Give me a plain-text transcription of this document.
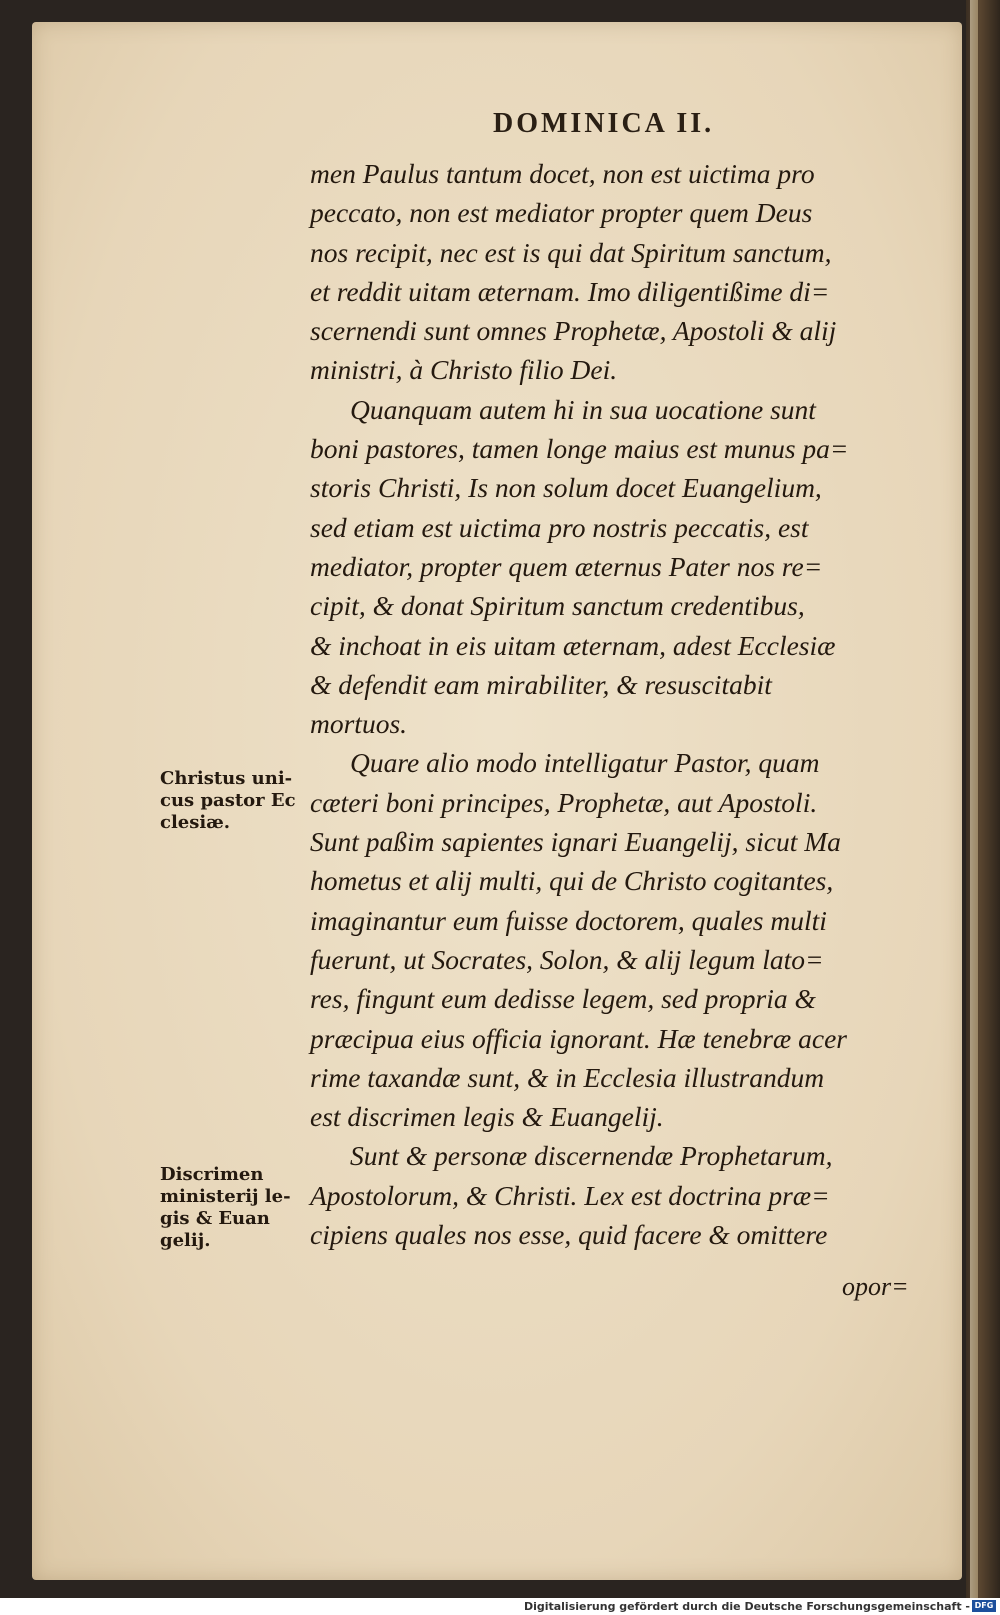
DOMINICA II.
men Paulus tantum docet, non est uictima pro
peccato, non est mediator propter quem Deus
nos recipit, nec est is qui dat Spiritum sanctum,
et reddit uitam æternam. Imo diligentißime di=
scernendi sunt omnes Prophetæ, Apostoli & alij
ministri, à Christo filio Dei.
Quanquam autem hi in sua uocatione sunt
boni pastores, tamen longe maius est munus pa=
storis Christi, Is non solum docet Euangelium,
sed etiam est uictima pro nostris peccatis, est
mediator, propter quem æternus Pater nos re=
cipit, & donat Spiritum sanctum credentibus,
& inchoat in eis uitam æternam, adest Ecclesiæ
& defendit eam mirabiliter, & resuscitabit
mortuos.
Quare alio modo intelligatur Pastor, quam
cæteri boni principes, Prophetæ, aut Apostoli.
Sunt paßim sapientes ignari Euangelij, sicut Ma
hometus et alij multi, qui de Christo cogitantes,
imaginantur eum fuisse doctorem, quales multi
fuerunt, ut Socrates, Solon, & alij legum lato=
res, fingunt eum dedisse legem, sed propria &
præcipua eius officia ignorant. Hæ tenebræ acer
rime taxandæ sunt, & in Ecclesia illustrandum
est discrimen legis & Euangelij.
Sunt & personæ discernendæ Prophetarum,
Apostolorum, & Christi. Lex est doctrina præ=
cipiens quales nos esse, quid facere & omittere
Christus uni-
cus pastor Ec
clesiæ.
Discrimen
ministerij le-
gis & Euan
gelij.
opor=
Digitalisierung gefördert durch die Deutsche Forschungsgemeinschaft - DFG
